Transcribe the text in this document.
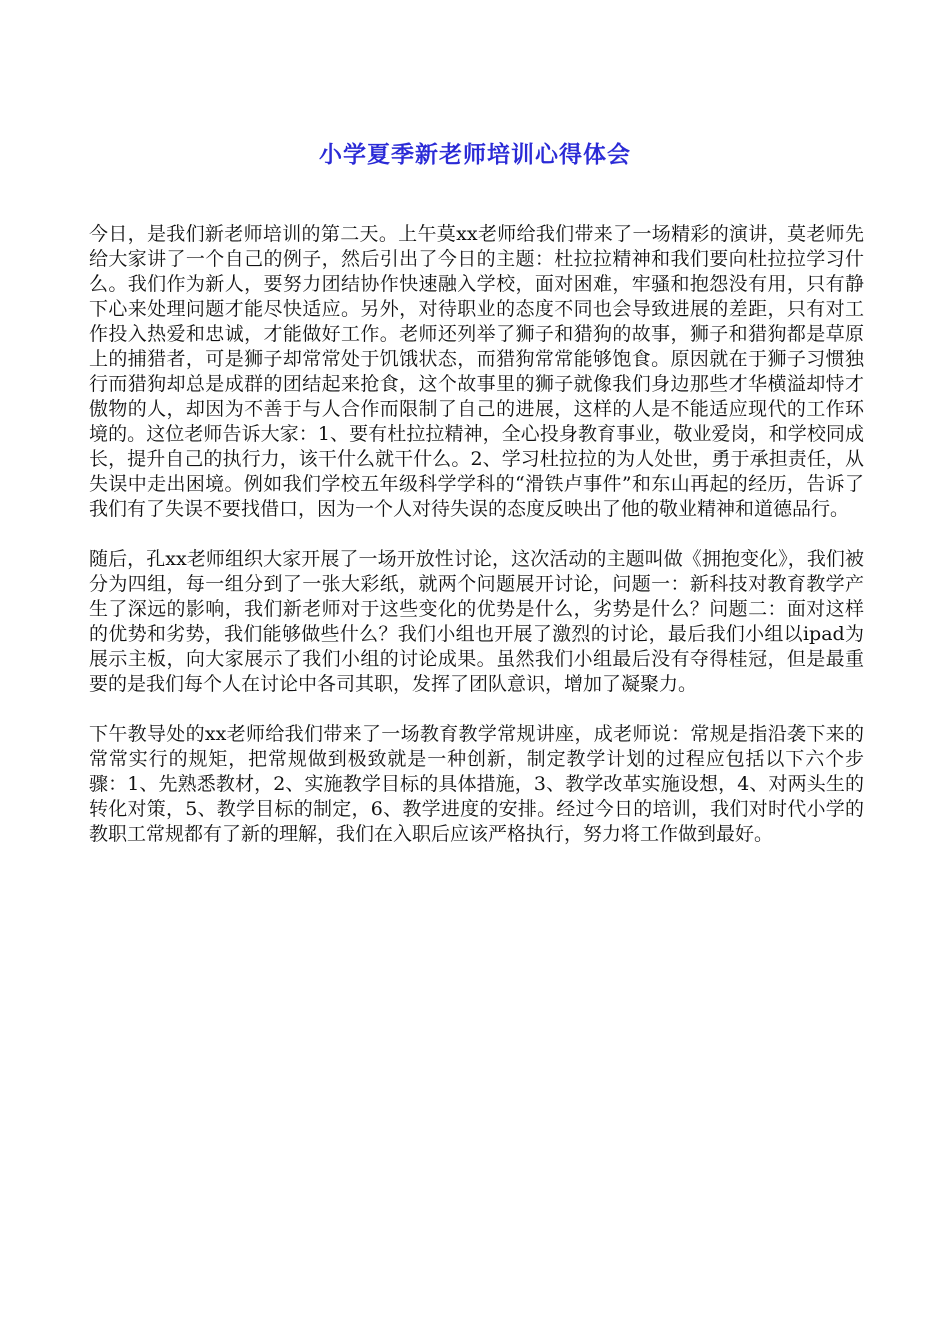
小学夏季新老师培训心得体会

今日，是我们新老师培训的第二天。上午莫xx老师给我们带来了一场精彩的演讲，莫老师先给大家讲了一个自己的例子，然后引出了今日的主题：杜拉拉精神和我们要向杜拉拉学习什么。我们作为新人，要努力团结协作快速融入学校，面对困难，牢骚和抱怨没有用，只有静下心来处理问题才能尽快适应。另外，对待职业的态度不同也会导致进展的差距，只有对工作投入热爱和忠诚，才能做好工作。老师还列举了狮子和猎狗的故事，狮子和猎狗都是草原上的捕猎者，可是狮子却常常处于饥饿状态，而猎狗常常能够饱食。原因就在于狮子习惯独行而猎狗却总是成群的团结起来抢食，这个故事里的狮子就像我们身边那些才华横溢却恃才傲物的人，却因为不善于与人合作而限制了自己的进展，这样的人是不能适应现代的工作环境的。这位老师告诉大家：1、要有杜拉拉精神，全心投身教育事业，敬业爱岗，和学校同成长，提升自己的执行力，该干什么就干什么。2、学习杜拉拉的为人处世，勇于承担责任，从失误中走出困境。例如我们学校五年级科学学科的“滑铁卢事件”和东山再起的经历，告诉了我们有了失误不要找借口，因为一个人对待失误的态度反映出了他的敬业精神和道德品行。

随后，孔xx老师组织大家开展了一场开放性讨论，这次活动的主题叫做《拥抱变化》，我们被分为四组，每一组分到了一张大彩纸，就两个问题展开讨论，问题一：新科技对教育教学产生了深远的影响，我们新老师对于这些变化的优势是什么，劣势是什么？问题二：面对这样的优势和劣势，我们能够做些什么？我们小组也开展了激烈的讨论，最后我们小组以ipad为展示主板，向大家展示了我们小组的讨论成果。虽然我们小组最后没有夺得桂冠，但是最重要的是我们每个人在讨论中各司其职，发挥了团队意识，增加了凝聚力。

下午教导处的xx老师给我们带来了一场教育教学常规讲座，成老师说：常规是指沿袭下来的常常实行的规矩，把常规做到极致就是一种创新，制定教学计划的过程应包括以下六个步骤：1、先熟悉教材，2、实施教学目标的具体措施，3、教学改革实施设想，4、对两头生的转化对策，5、教学目标的制定，6、教学进度的安排。经过今日的培训，我们对时代小学的教职工常规都有了新的理解，我们在入职后应该严格执行，努力将工作做到最好。
